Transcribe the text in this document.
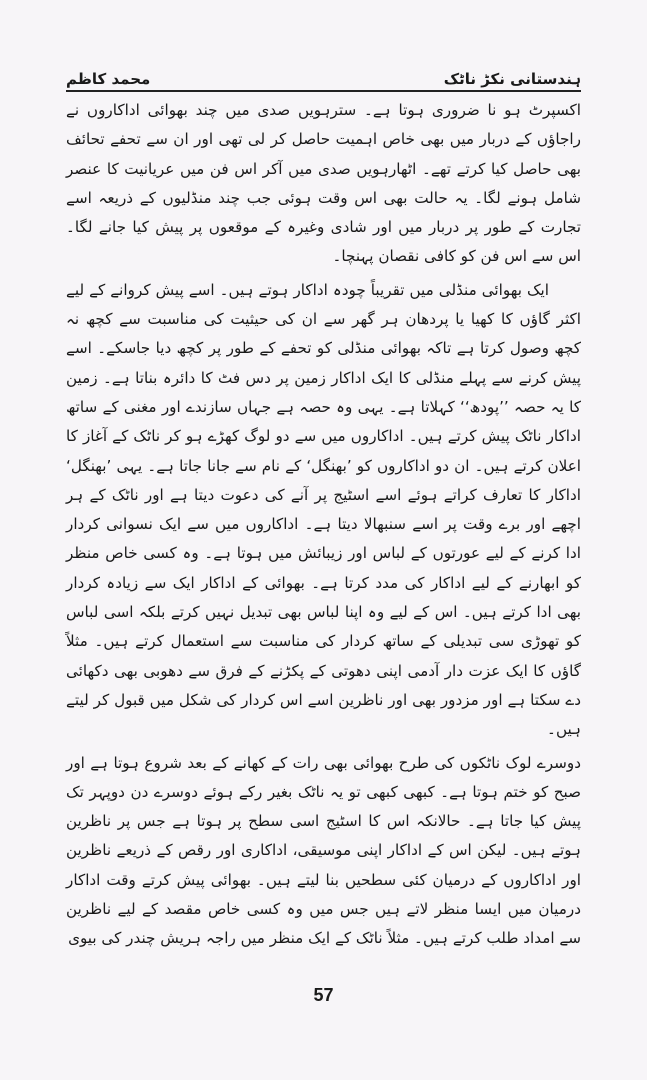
محمد کاظم	ہندستانی نکڑ ناٹک

اکسپرٹ ہو نا ضروری ہوتا ہے۔ سترہویں صدی میں چند بھوائی اداکاروں نے راجاؤں کے دربار میں بھی خاص اہمیت حاصل کر لی تھی اور ان سے تحفے تحائف بھی حاصل کیا کرتے تھے۔ اٹھارہویں صدی میں آکر اس فن میں عریانیت کا عنصر شامل ہونے لگا۔ یہ حالت بھی اس وقت ہوئی جب چند منڈلیوں کے ذریعہ اسے تجارت کے طور پر دربار میں اور شادی وغیرہ کے موقعوں پر پیش کیا جانے لگا۔ اس سے اس فن کو کافی نقصان پہنچا۔

ایک بھوائی منڈلی میں تقریباً چودہ اداکار ہوتے ہیں۔ اسے پیش کروانے کے لیے اکثر گاؤں کا کھیا یا پردھان ہر گھر سے ان کی حیثیت کی مناسبت سے کچھ نہ کچھ وصول کرتا ہے تاکہ بھوائی منڈلی کو تحفے کے طور پر کچھ دیا جاسکے۔ اسے پیش کرنے سے پہلے منڈلی کا ایک اداکار زمین پر دس فٹ کا دائرہ بناتا ہے۔ زمین کا یہ حصہ ’’پودھ‘‘ کہلاتا ہے۔ یہی وہ حصہ ہے جہاں سازندے اور مغنی کے ساتھ اداکار ناٹک پیش کرتے ہیں۔ اداکاروں میں سے دو لوگ کھڑے ہو کر ناٹک کے آغاز کا اعلان کرتے ہیں۔ ان دو اداکاروں کو ’بھنگل‘ کے نام سے جانا جاتا ہے۔ یہی ’بھنگل‘ اداکار کا تعارف کراتے ہوئے اسے اسٹیج پر آنے کی دعوت دیتا ہے اور ناٹک کے ہر اچھے اور برے وقت پر اسے سنبھالا دیتا ہے۔ اداکاروں میں سے ایک نسوانی کردار ادا کرنے کے لیے عورتوں کے لباس اور زیبائش میں ہوتا ہے۔ وہ کسی خاص منظر کو ابھارنے کے لیے اداکار کی مدد کرتا ہے۔ بھوائی کے اداکار ایک سے زیادہ کردار بھی ادا کرتے ہیں۔ اس کے لیے وہ اپنا لباس بھی تبدیل نہیں کرتے بلکہ اسی لباس کو تھوڑی سی تبدیلی کے ساتھ کردار کی مناسبت سے استعمال کرتے ہیں۔ مثلاً گاؤں کا ایک عزت دار آدمی اپنی دھوتی کے پکڑنے کے فرق سے دھوبی بھی دکھائی دے سکتا ہے اور مزدور بھی اور ناظرین اسے اس کردار کی شکل میں قبول کر لیتے ہیں۔

دوسرے لوک ناٹکوں کی طرح بھوائی بھی رات کے کھانے کے بعد شروع ہوتا ہے اور صبح کو ختم ہوتا ہے۔ کبھی کبھی تو یہ ناٹک بغیر رکے ہوئے دوسرے دن دوپہر تک پیش کیا جاتا ہے۔ حالانکہ اس کا اسٹیج اسی سطح پر ہوتا ہے جس پر ناظرین ہوتے ہیں۔ لیکن اس کے اداکار اپنی موسیقی، اداکاری اور رقص کے ذریعے ناظرین اور اداکاروں کے درمیان کئی سطحیں بنا لیتے ہیں۔ بھوائی پیش کرتے وقت اداکار درمیان میں ایسا منظر لاتے ہیں جس میں وہ کسی خاص مقصد کے لیے ناظرین سے امداد طلب کرتے ہیں۔ مثلاً ناٹک کے ایک منظر میں راجہ ہریش چندر کی بیوی

57
